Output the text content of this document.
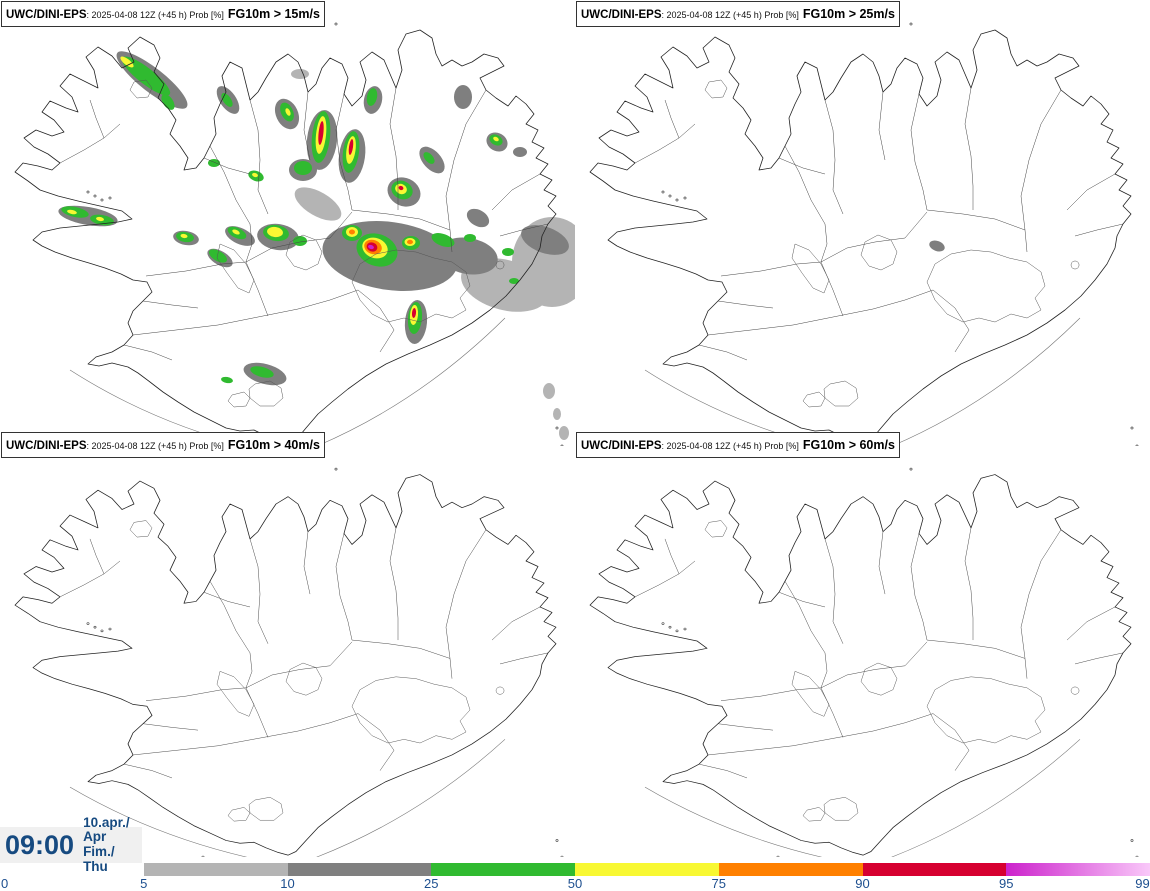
UWC/DINI-EPS: 2025-04-08 12Z (+45 h) Prob [%] FG10m > 15m/s	UWC/DINI-EPS: 2025-04-08 12Z (+45 h) Prob [%] FG10m > 25m/s
UWC/DINI-EPS: 2025-04-08 12Z (+45 h) Prob [%] FG10m > 40m/s	UWC/DINI-EPS: 2025-04-08 12Z (+45 h) Prob [%] FG10m > 60m/s
09:00
10.apr./ Apr
Fim./ Thu
0	5	10	25	50	75	90	95	99
